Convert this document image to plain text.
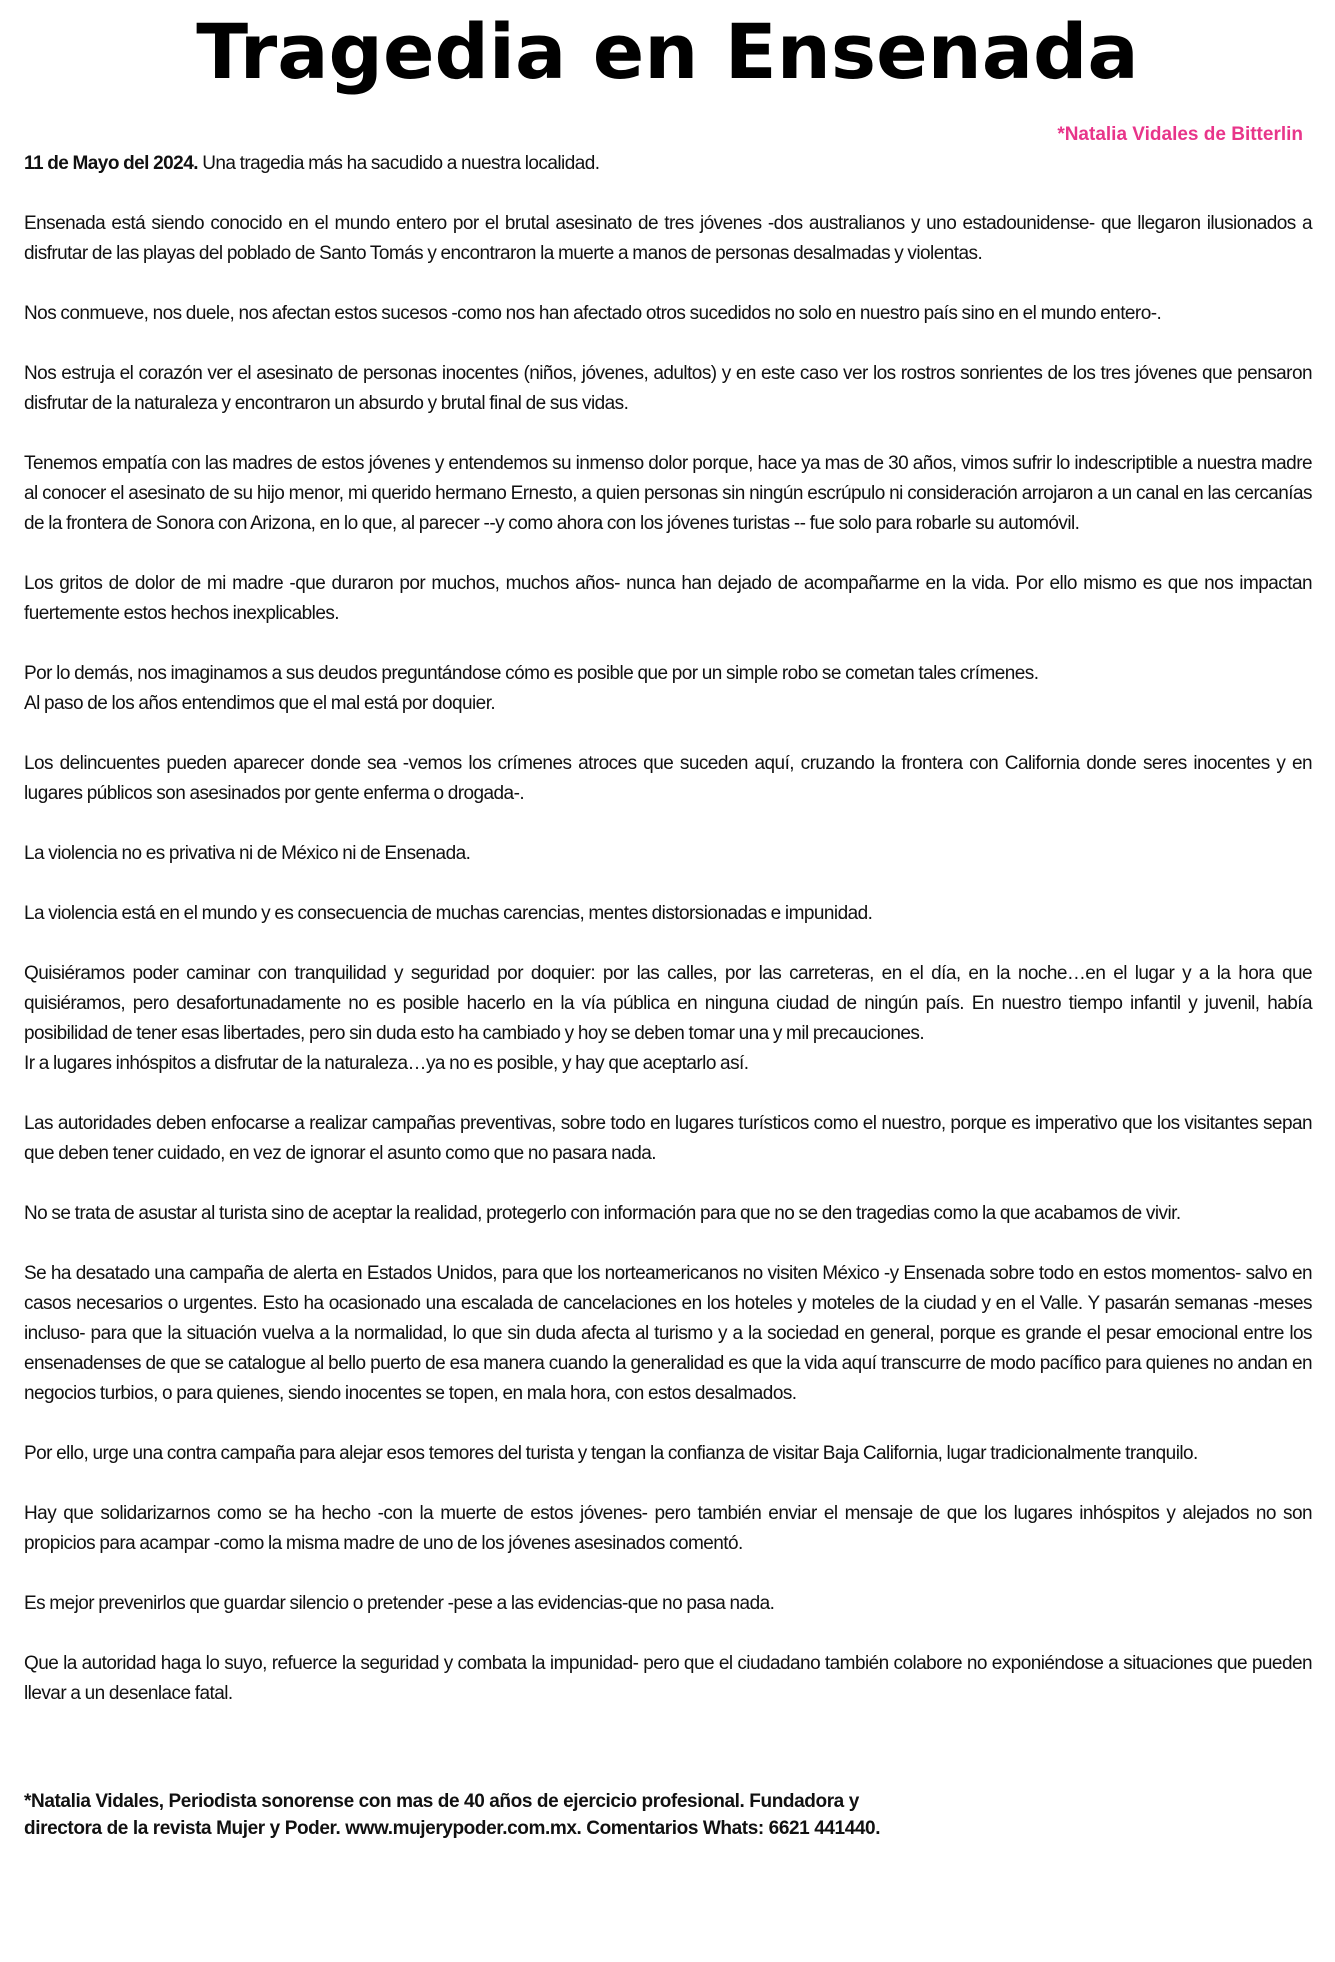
Tragedia en Ensenada

*Natalia Vidales de Bitterlin

11 de Mayo del 2024. Una tragedia más ha sacudido a nuestra localidad.

Ensenada está siendo conocido en el mundo entero por el brutal asesinato de tres jóvenes -dos australianos y uno estadounidense- que llegaron ilusionados a disfrutar de las playas del poblado de Santo Tomás y encontraron la muerte a manos de personas desalmadas y violentas.

Nos conmueve, nos duele, nos afectan estos sucesos -como nos han afectado otros sucedidos no solo en nuestro país sino en el mundo entero-.

Nos estruja el corazón ver el asesinato de personas inocentes (niños, jóvenes, adultos) y en este caso ver los rostros sonrientes de los tres jóvenes que pensaron disfrutar de la naturaleza y encontraron un absurdo y brutal final de sus vidas.

Tenemos empatía con las madres de estos jóvenes y entendemos su inmenso dolor porque, hace ya mas de 30 años, vimos sufrir lo indescriptible a nuestra madre al conocer el asesinato de su hijo menor, mi querido hermano Ernesto, a quien personas sin ningún escrúpulo ni consideración arrojaron a un canal en las cercanías de la frontera de Sonora con Arizona, en lo que, al parecer --y como ahora con los jóvenes turistas -- fue solo para robarle su automóvil.

Los gritos de dolor de mi madre -que duraron por muchos, muchos años- nunca han dejado de acompañarme en la vida. Por ello mismo es que nos impactan fuertemente estos hechos inexplicables.

Por lo demás, nos imaginamos a sus deudos preguntándose cómo es posible que por un simple robo se cometan tales crímenes.
Al paso de los años entendimos que el mal está por doquier.

Los delincuentes pueden aparecer donde sea -vemos los crímenes atroces que suceden aquí, cruzando la frontera con California donde seres inocentes y en lugares públicos son asesinados por gente enferma o drogada-.

La violencia no es privativa ni de México ni de Ensenada.

La violencia está en el mundo y es consecuencia de muchas carencias, mentes distorsionadas e impunidad.

Quisiéramos poder caminar con tranquilidad y seguridad por doquier: por las calles, por las carreteras, en el día, en la noche…en el lugar y a la hora que quisiéramos, pero desafortunadamente no es posible hacerlo en la vía pública en ninguna ciudad de ningún país. En nuestro tiempo infantil y juvenil, había posibilidad de tener esas libertades, pero sin duda esto ha cambiado y hoy se deben tomar una y mil precauciones.
Ir a lugares inhóspitos a disfrutar de la naturaleza…ya no es posible, y hay que aceptarlo así.

Las autoridades deben enfocarse a realizar campañas preventivas, sobre todo en lugares turísticos como el nuestro, porque es imperativo que los visitantes sepan que deben tener cuidado, en vez de ignorar el asunto como que no pasara nada.

No se trata de asustar al turista sino de aceptar la realidad, protegerlo con información para que no se den tragedias como la que acabamos de vivir.

Se ha desatado una campaña de alerta en Estados Unidos, para que los norteamericanos no visiten México -y Ensenada sobre todo en estos momentos- salvo en casos necesarios o urgentes. Esto ha ocasionado una escalada de cancelaciones en los hoteles y moteles de la ciudad y en el Valle. Y pasarán semanas -meses incluso- para que la situación vuelva a la normalidad, lo que sin duda afecta al turismo y a la sociedad en general, porque es grande el pesar emocional entre los ensenadenses de que se catalogue al bello puerto de esa manera cuando la generalidad es que la vida aquí transcurre de modo pacífico para quienes no andan en negocios turbios, o para quienes, siendo inocentes se topen, en mala hora, con estos desalmados.

Por ello, urge una contra campaña para alejar esos temores del turista y tengan la confianza de visitar Baja California, lugar tradicionalmente tranquilo.

Hay que solidarizarnos como se ha hecho -con la muerte de estos jóvenes- pero también enviar el mensaje de que los lugares inhóspitos y alejados no son propicios para acampar -como la misma madre de uno de los jóvenes asesinados comentó.

Es mejor prevenirlos que guardar silencio o pretender -pese a las evidencias-que no pasa nada.

Que la autoridad haga lo suyo, refuerce la seguridad y combata la impunidad- pero que el ciudadano también colabore no exponiéndose a situaciones que pueden llevar a un desenlace fatal.

*Natalia Vidales, Periodista sonorense con mas de 40 años de ejercicio profesional. Fundadora y
directora de la revista Mujer y Poder. www.mujerypoder.com.mx. Comentarios Whats: 6621 441440.
